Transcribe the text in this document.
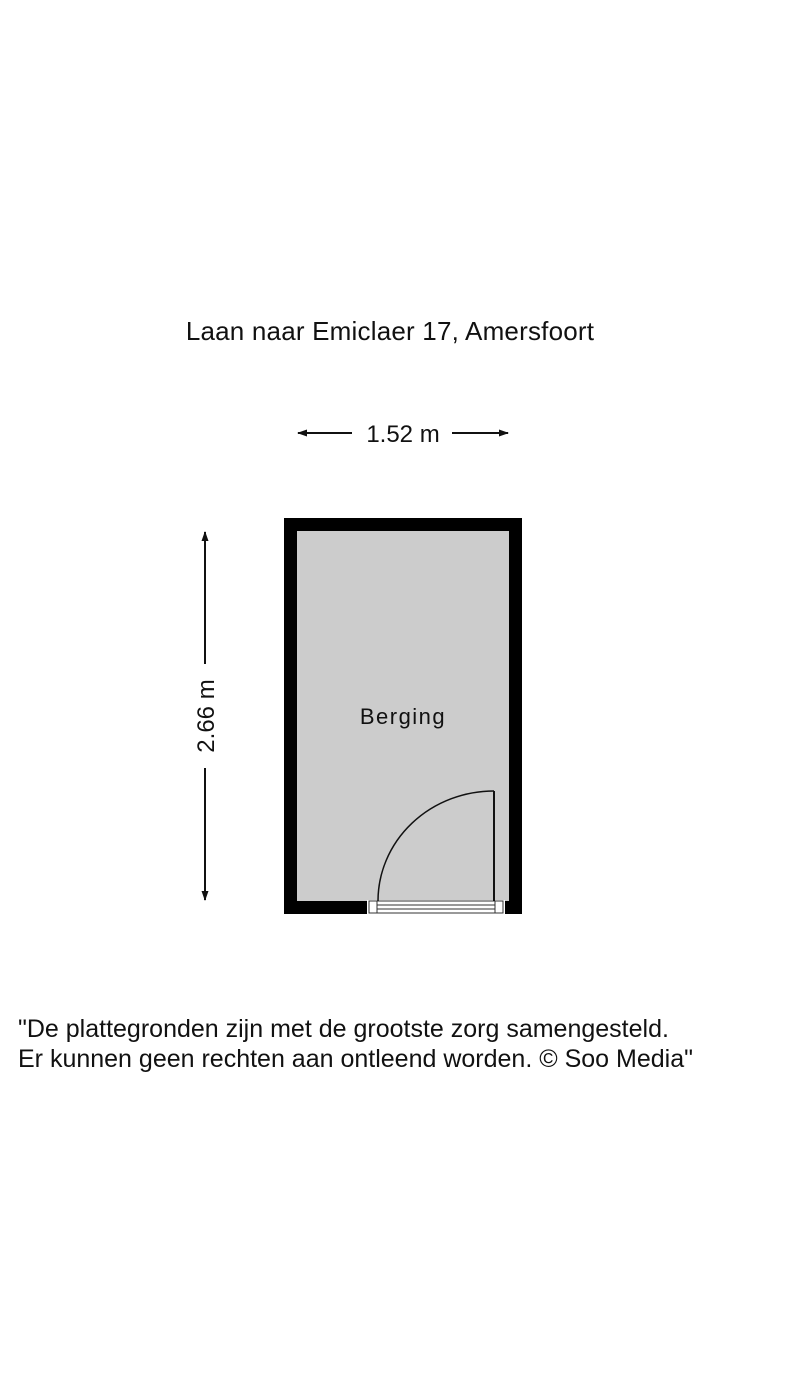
Laan naar Emiclaer 17, Amersfoort
1.52 m
2.66 m	Berging
"De plattegronden zijn met de grootste zorg samengesteld.
Er kunnen geen rechten aan ontleend worden. © Soo Media"
